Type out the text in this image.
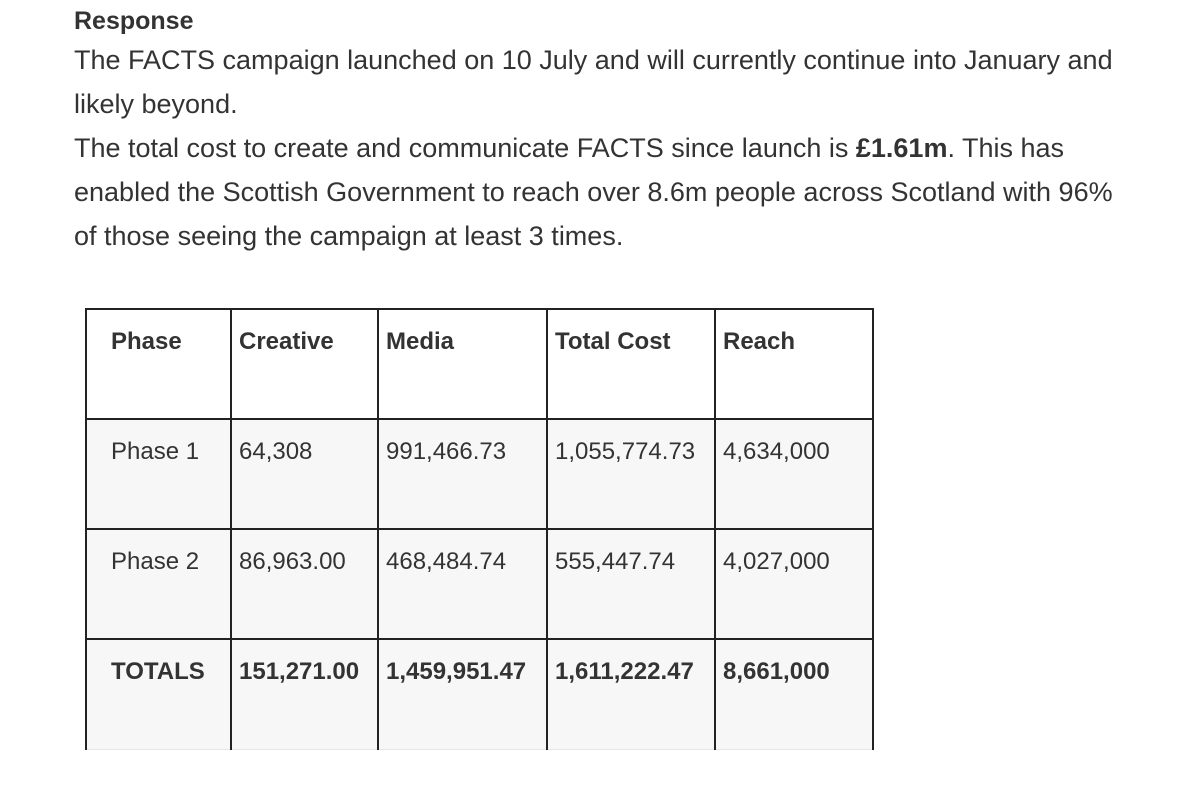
Response

The FACTS campaign launched on 10 July and will currently continue into January and likely beyond.

The total cost to create and communicate FACTS since launch is £1.61m. This has enabled the Scottish Government to reach over 8.6m people across Scotland with 96% of those seeing the campaign at least 3 times.

Phase	Creative	Media	Total Cost	Reach
Phase 1	64,308	991,466.73	1,055,774.73	4,634,000
Phase 2	86,963.00	468,484.74	555,447.74	4,027,000
TOTALS	151,271.00	1,459,951.47	1,611,222.47	8,661,000
